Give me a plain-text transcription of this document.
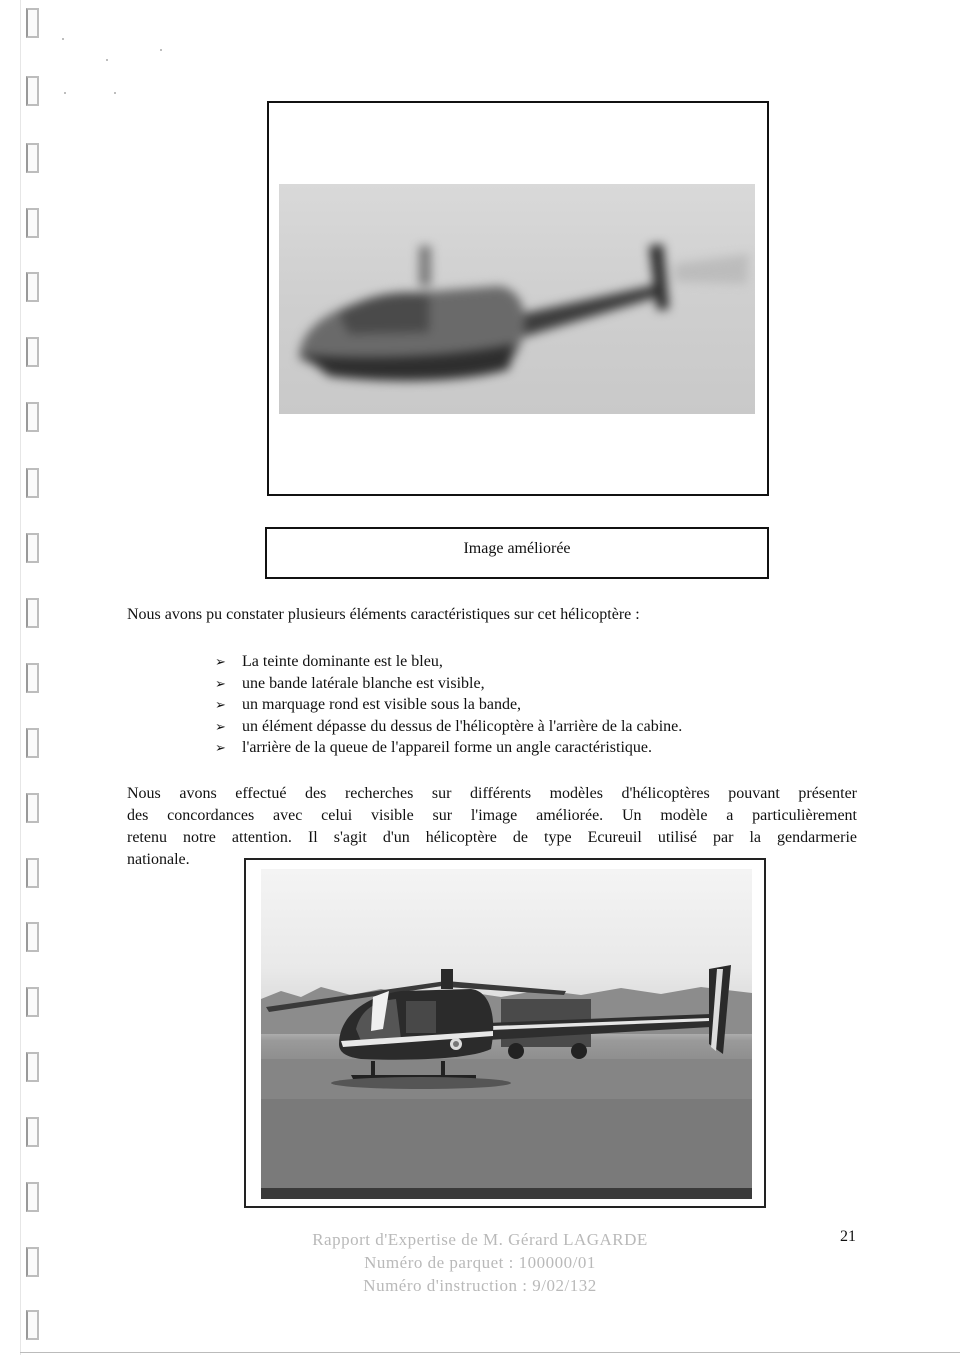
Image améliorée
Nous avons pu constater plusieurs éléments caractéristiques sur cet hélicoptère :
➢ La teinte dominante est le bleu,
➢ une bande latérale blanche est visible,
➢ un marquage rond est visible sous la bande,
➢ un élément dépasse du dessus de l'hélicoptère à l'arrière de la cabine.
➢ l'arrière de la queue de l'appareil forme un angle caractéristique.
Nous avons effectué des recherches sur différents modèles d'hélicoptères pouvant présenter
des concordances avec celui visible sur l'image améliorée. Un modèle a particulièrement
retenu notre attention. Il s'agit d'un hélicoptère de type Ecureuil utilisé par la gendarmerie
nationale.
Rapport d'Expertise de M. Gérard LAGARDE
Numéro de parquet : 100000/01
Numéro d'instruction : 9/02/132
21
